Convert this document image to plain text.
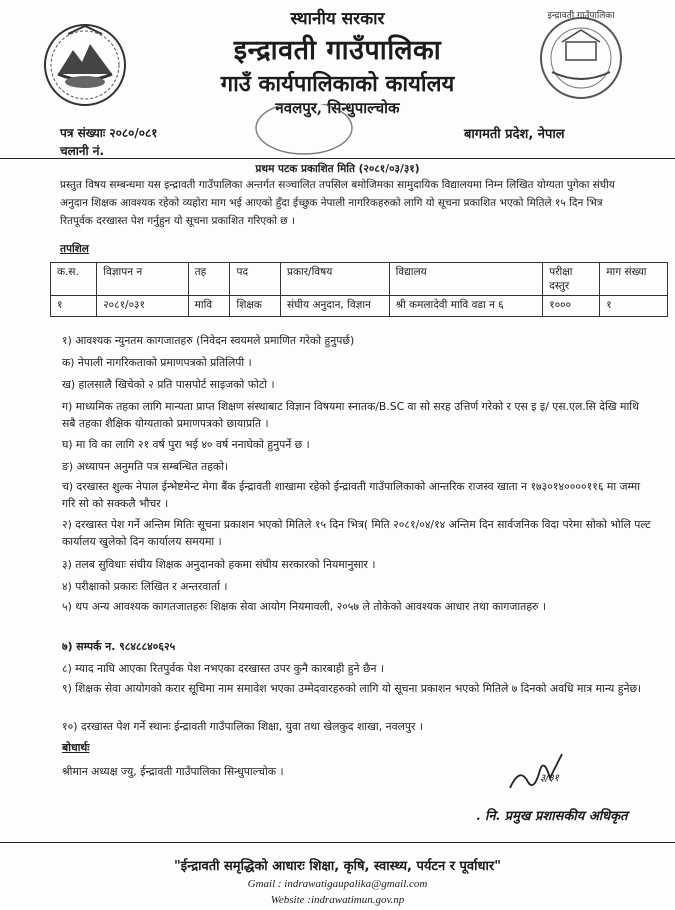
इन्द्रावती गाउँपालिका
स्थानीय सरकार
इन्द्रावती गाउँपालिका
गाउँ कार्यपालिकाको कार्यालय
नवलपुर, सिन्धुपाल्चोक
पत्र संख्याः २०८०/०८१
चलानी नं.
बागमती प्रदेश, नेपाल
प्रथम पटक प्रकाशित मिति (२०८१/०३/३१)
प्रस्तुत विषय सम्बन्धमा यस इन्द्रावती गाउँपालिका अन्तर्गत सञ्चालित तपसिल बमोजिमका सामुदायिक विद्यालयमा निम्न लिखित योग्यता पुगेका संघीय अनुदान शिक्षक आवश्यक रहेको व्यहोरा माग भई आएको हुँदा ईच्छुक नेपाली नागरिकहरुको लागि यो सूचना प्रकाशित भएको मितिले १५ दिन भित्र रितपूर्वक दरखास्त पेश गर्नुहुन यो सूचना प्रकाशित गरिएको छ ।
तपशिल
क.स.	विज्ञापन न	तह	पद	प्रकार/विषय	विद्यालय	परीक्षा दस्तुर	माग संख्या
१	२०८१/०३१	मावि	शिक्षक	संघीय अनुदान, विज्ञान	श्री कमलादेवी मावि वडा न ६	१०००	१
१) आवश्यक न्युनतम कागजातहरु (निवेदन स्वयमले प्रमाणित गरेको हुनुपर्छ)
क) नेपाली नागरिकताको प्रमाणपत्रको प्रतिलिपी ।
ख) हालसालै खिचेको २ प्रति पासपोर्ट साइजको फोटो ।
ग) माध्यमिक तहका लागि मान्यता प्राप्त शिक्षण संस्थाबाट विज्ञान विषयमा स्नातक/B.SC वा सो सरह उत्तिर्ण गरेको र एस इ इ/ एस.एल.सि देखि माथि सबै तहका शैक्षिक योग्यताको प्रमाणपत्रको छायाप्रति ।
घ) मा वि का लागि २१ वर्ष पुरा भई ४० वर्ष ननाघेको हुनुपर्ने छ ।
ङ) अध्यापन अनुमति पत्र सम्बन्धित तहको।
च) दरखास्त शुल्क नेपाल ईन्भेष्टमेन्ट मेगा बैंक ईन्द्रावती शाखामा रहेको ईन्द्रावती गाउँपालिकाको आन्तरिक राजस्व खाता न १७३०१४००००११६ मा जम्मा गरि सो को सक्कलै भौचर ।
२) दरखास्त पेश गर्ने अन्तिम मितिः सूचना प्रकाशन भएको मितिले १५ दिन भित्र( मिति २०८१/०४/१४ अन्तिम दिन सार्वजनिक विदा परेमा सोको भोलि पल्ट कार्यालय खुलेको दिन कार्यालय समयमा ।
३) तलब सुविधाः संघीय शिक्षक अनुदानको हकमा संघीय सरकारको नियमानुसार ।
४) परीक्षाको प्रकारः लिखित र अन्तरवार्ता ।
५) थप अन्य आवश्यक कागतजातहरुः शिक्षक सेवा आयोग नियमावली, २०५७ ले तोकेको आवश्यक आधार तथा कागजातहरु ।
७) सम्पर्क न. ९८४८८४०६२५
८) म्याद नाघि आएका रितपुर्वक पेश नभएका दरखास्त उपर कुनै कारबाही हुने छैन ।
९) शिक्षक सेवा आयोगको करार सूचिमा नाम समावेश भएका उम्मेदवारहरुको लागि यो सूचना प्रकाशन भएको मितिले ७ दिनको अवधि मात्र मान्य हुनेछ।
१०) दरखास्त पेश गर्ने स्थानः ईन्द्रावती गाउँपालिका शिक्षा, युवा तथा खेलकुद शाखा, नवलपुर ।
बोधार्थः
श्रीमान अध्यक्ष ज्यु, ईन्द्रावती गाउँपालिका सिन्धुपाल्चोक ।
३/३१
. नि. प्रमुख प्रशासकीय अधिकृत
"ईन्द्रावती समृद्धिको आधारः शिक्षा, कृषि, स्वास्थ्य, पर्यटन र पूर्वाधार"
Gmail : indrawatigaupalika@gmail.com
Website :indrawatimun.gov.np
